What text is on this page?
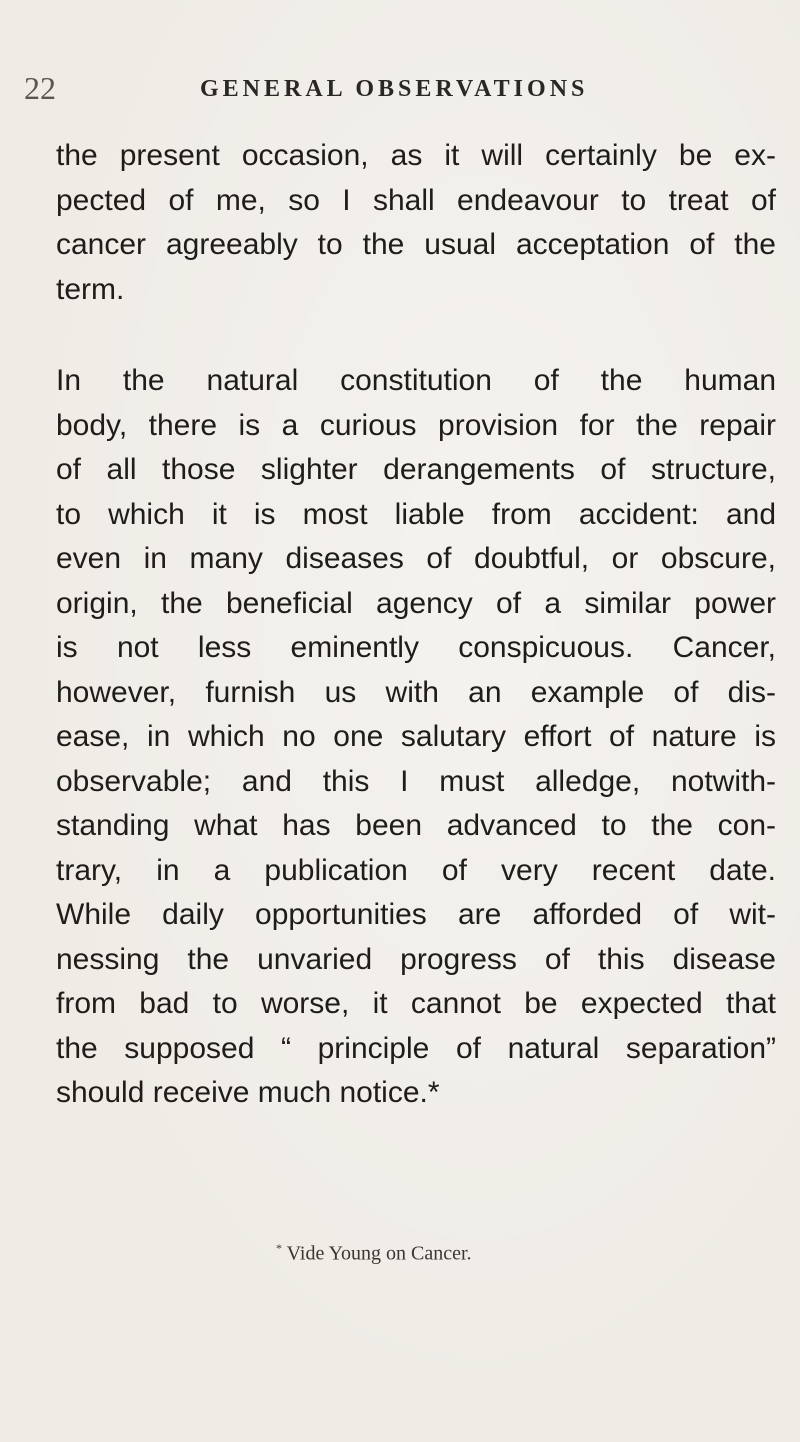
22	GENERAL OBSERVATIONS
the present occasion, as it will certainly be ex-
pected of me, so I shall endeavour to treat of
cancer agreeably to the usual acceptation of the
term.
In the natural constitution of the human
body, there is a curious provision for the repair
of all those slighter derangements of structure,
to which it is most liable from accident: and
even in many diseases of doubtful, or obscure,
origin, the beneficial agency of a similar power
is not less eminently conspicuous. Cancer,
however, furnish us with an example of dis-
ease, in which no one salutary effort of nature is
observable; and this I must alledge, notwith-
standing what has been advanced to the con-
trary, in a publication of very recent date.
While daily opportunities are afforded of wit-
nessing the unvaried progress of this disease
from bad to worse, it cannot be expected that
the supposed “ principle of natural separation”
should receive much notice.*
* Vide Young on Cancer.
